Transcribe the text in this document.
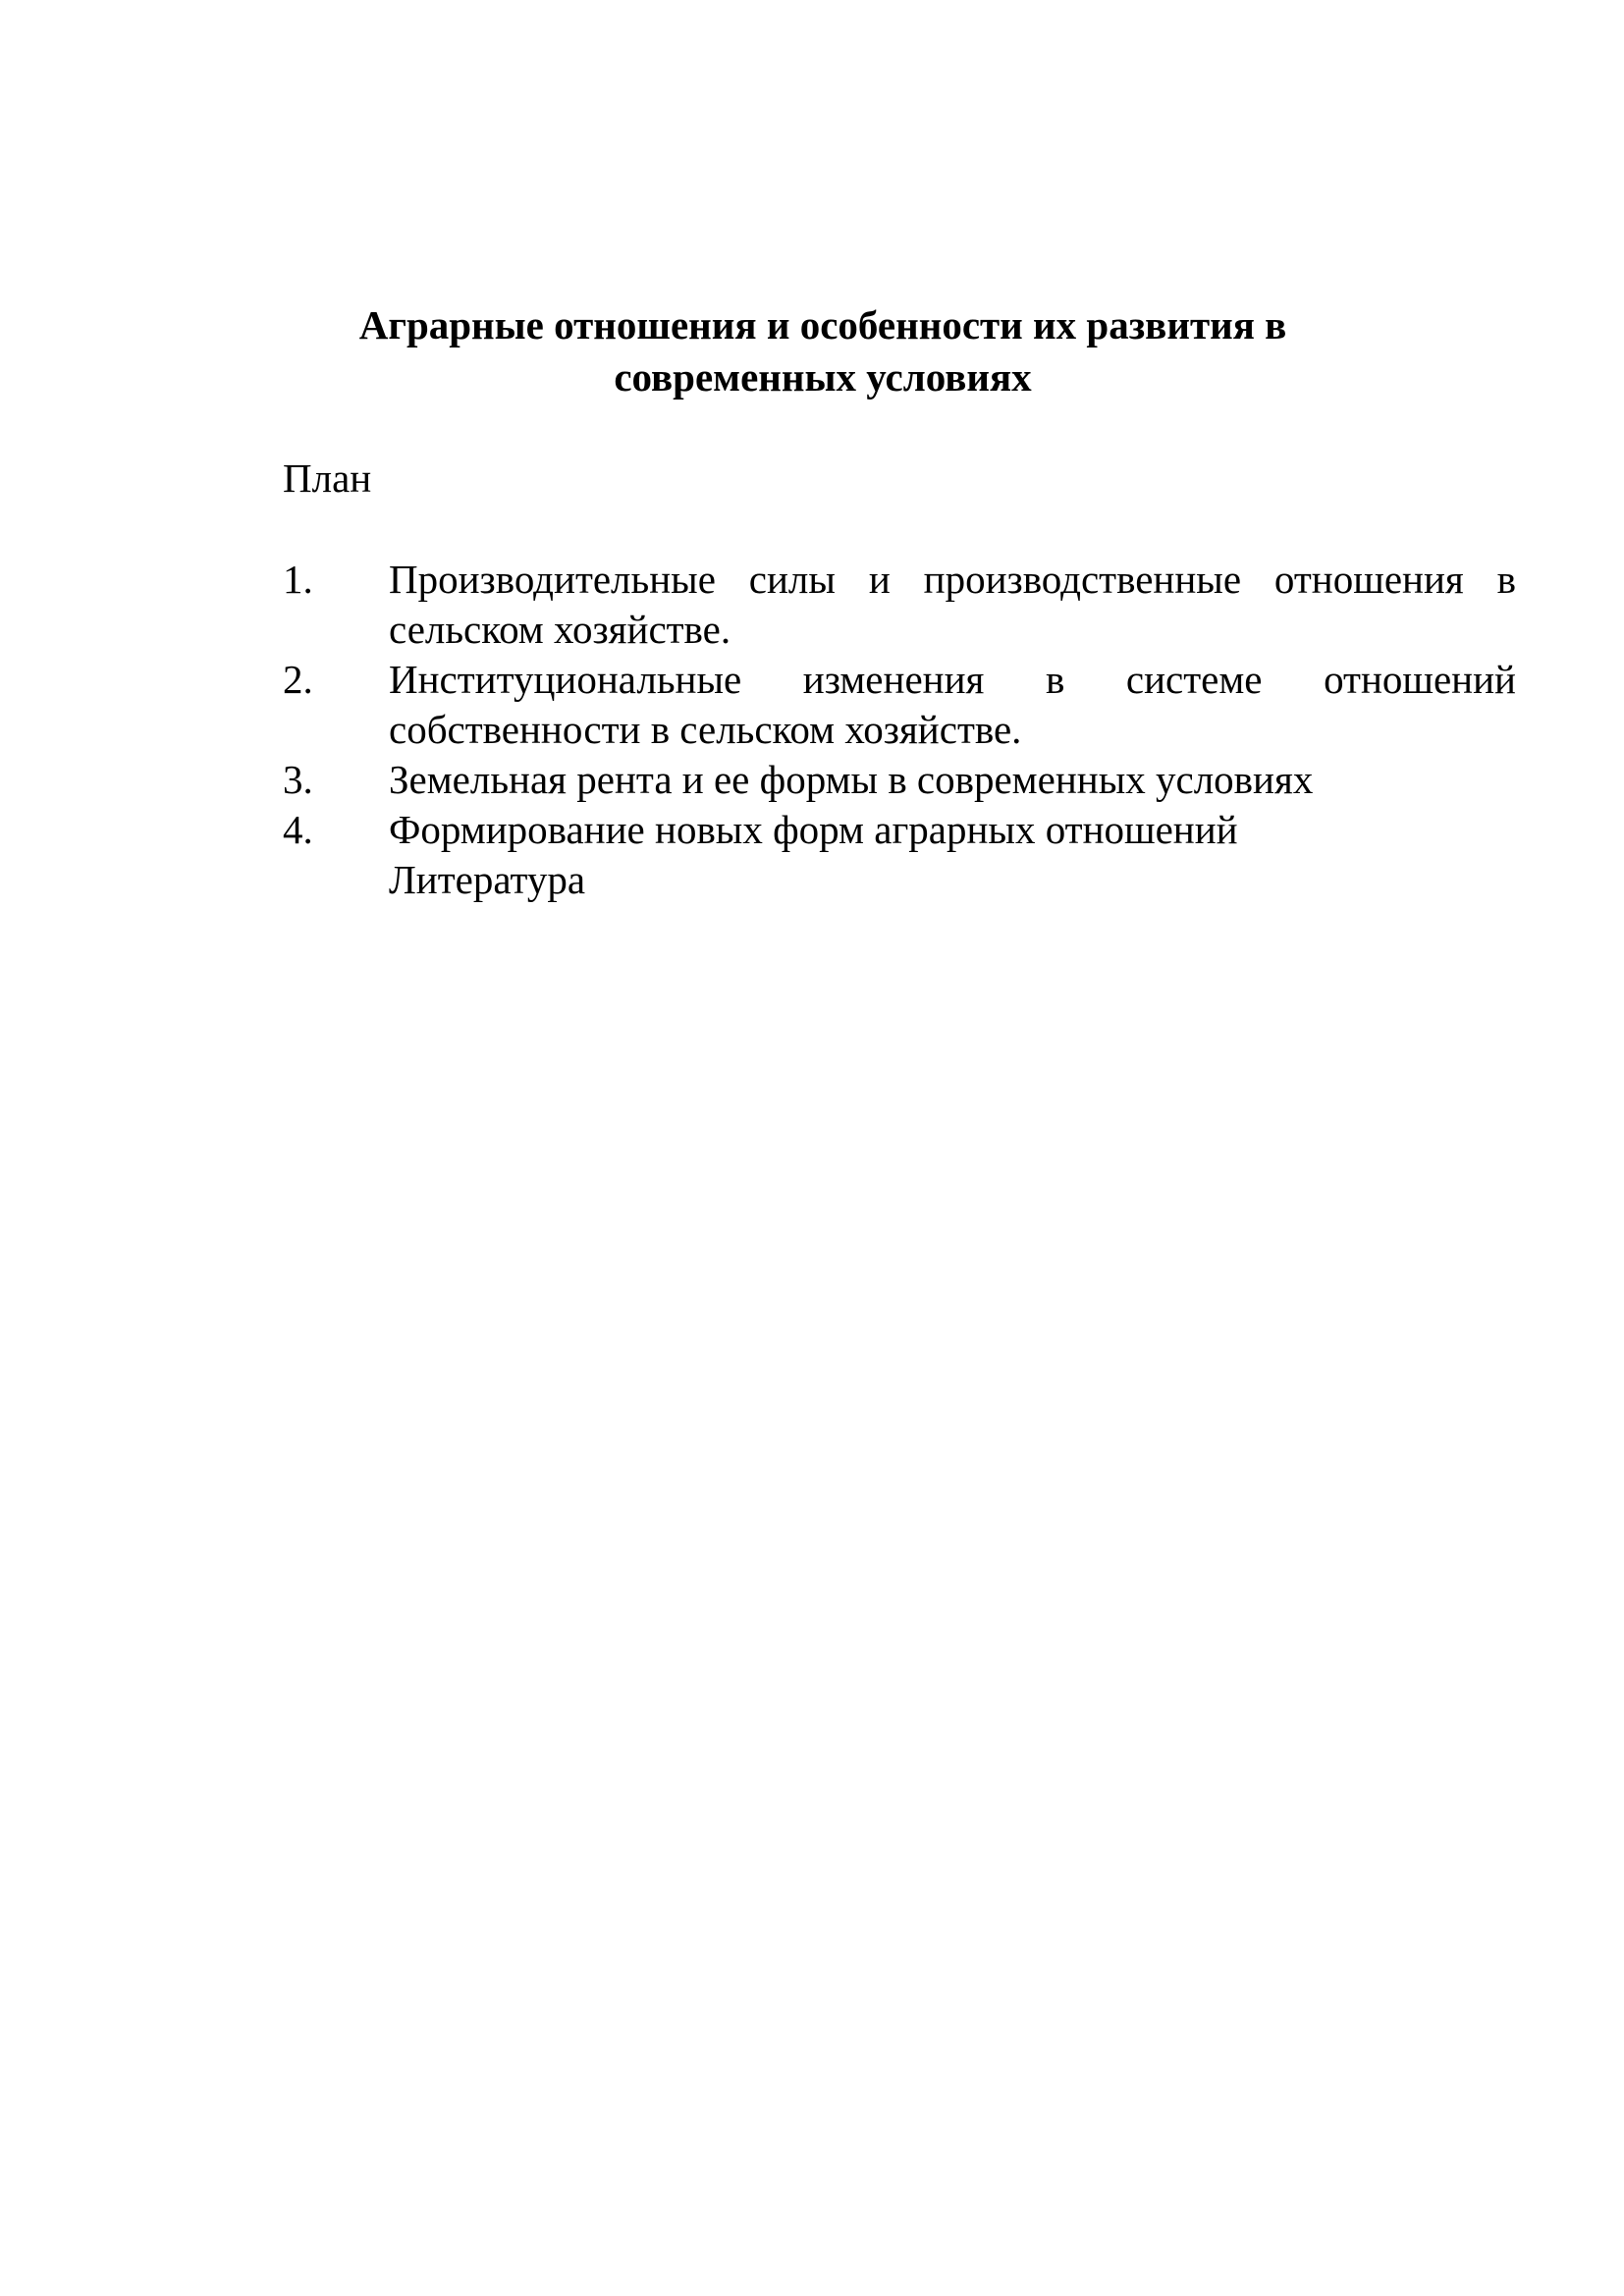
Аграрные отношения и особенности их развития в
современных условиях

План

1.	Производительные силы и производственные отношения в сельском хозяйстве.
2.	Институциональные изменения в системе отношений собственности в сельском хозяйстве.
3.	Земельная рента и ее формы в современных условиях
4.	Формирование новых форм аграрных отношений
Литература
